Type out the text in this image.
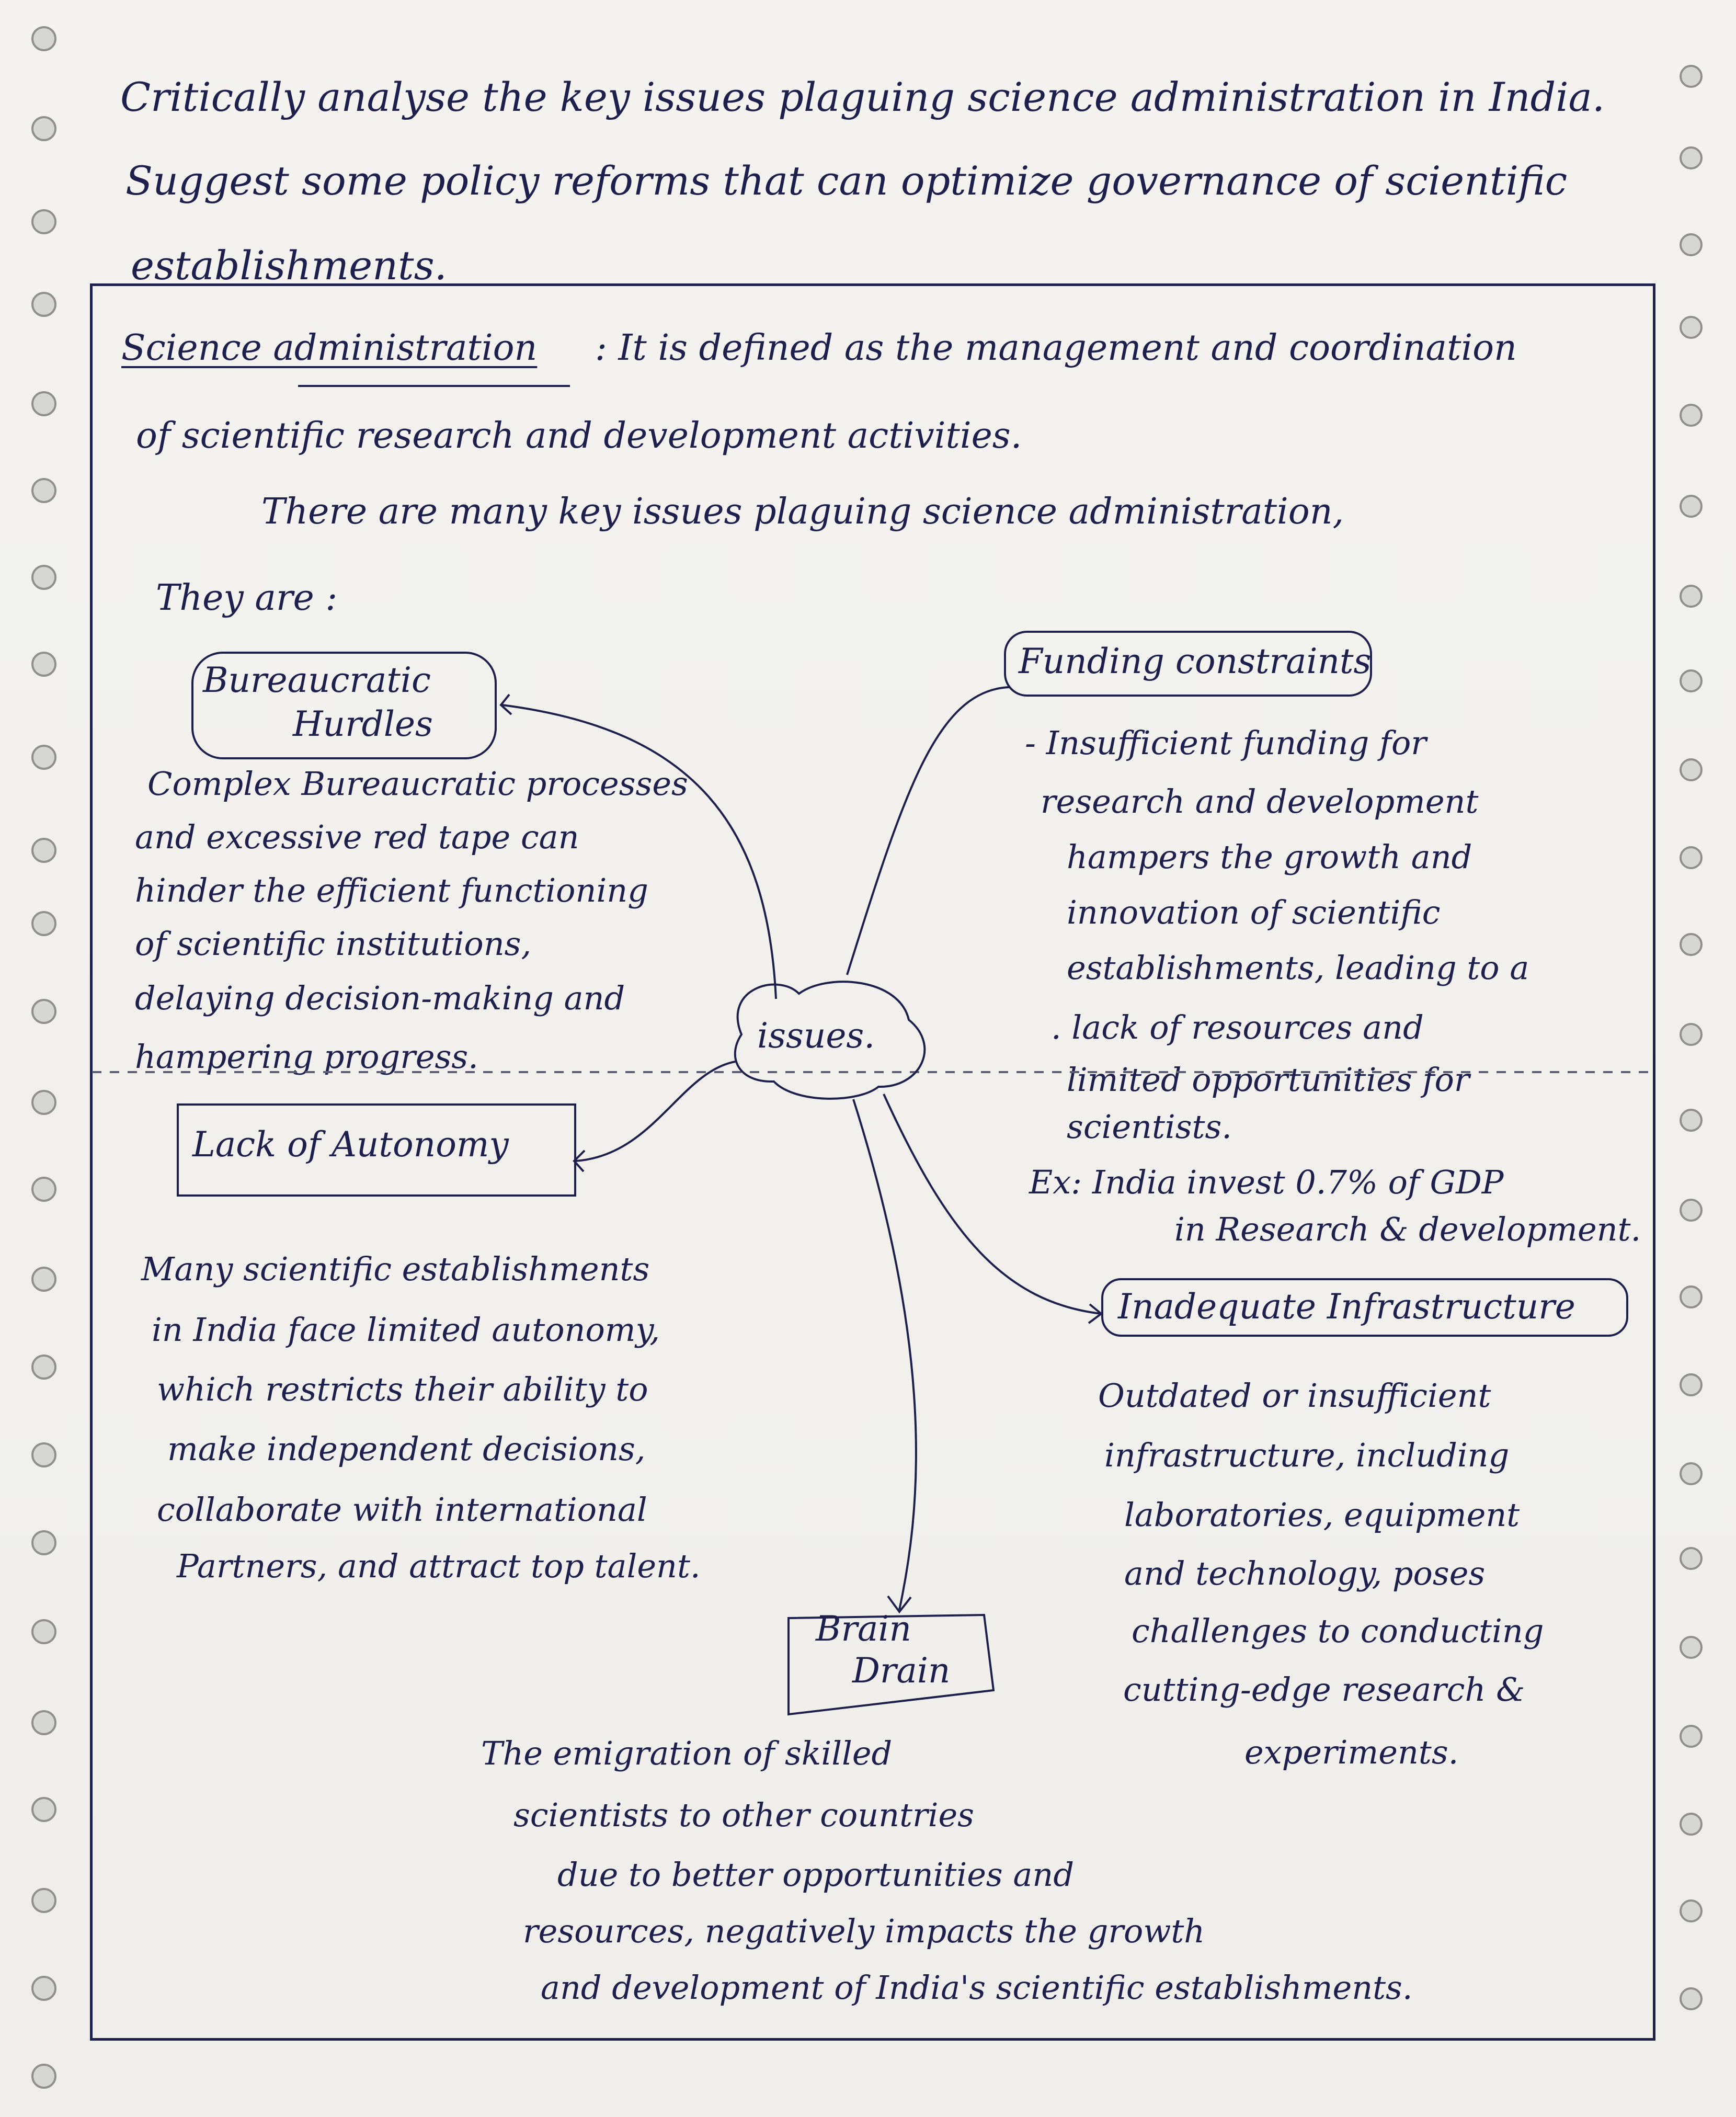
Critically analyse the key issues plaguing science administration in India.
Suggest some policy reforms that can optimize governance of scientific
establishments.
Science administration : It is defined as the management and coordination
of scientific research and development activities.
There are many key issues plaguing science administration,
They are :
issues.
Bureaucratic
Hurdles
Complex Bureaucratic processes
and excessive red tape can
hinder the efficient functioning
of scientific institutions,
delaying decision-making and
hampering progress.
Funding constraints
- Insufficient funding for
research and development
hampers the growth and
innovation of scientific
establishments, leading to a
. lack of resources and
limited opportunities for
scientists.
Ex: India invest 0.7% of GDP
in Research & development.
Lack of Autonomy
Many scientific establishments
in India face limited autonomy,
which restricts their ability to
make independent decisions,
collaborate with international
Partners, and attract top talent.
Inadequate Infrastructure
Outdated or insufficient
infrastructure, including
laboratories, equipment
and technology, poses
challenges to conducting
cutting-edge research &
experiments.
Brain
Drain
The emigration of skilled
scientists to other countries
due to better opportunities and
resources, negatively impacts the growth
and development of India's scientific establishments.
